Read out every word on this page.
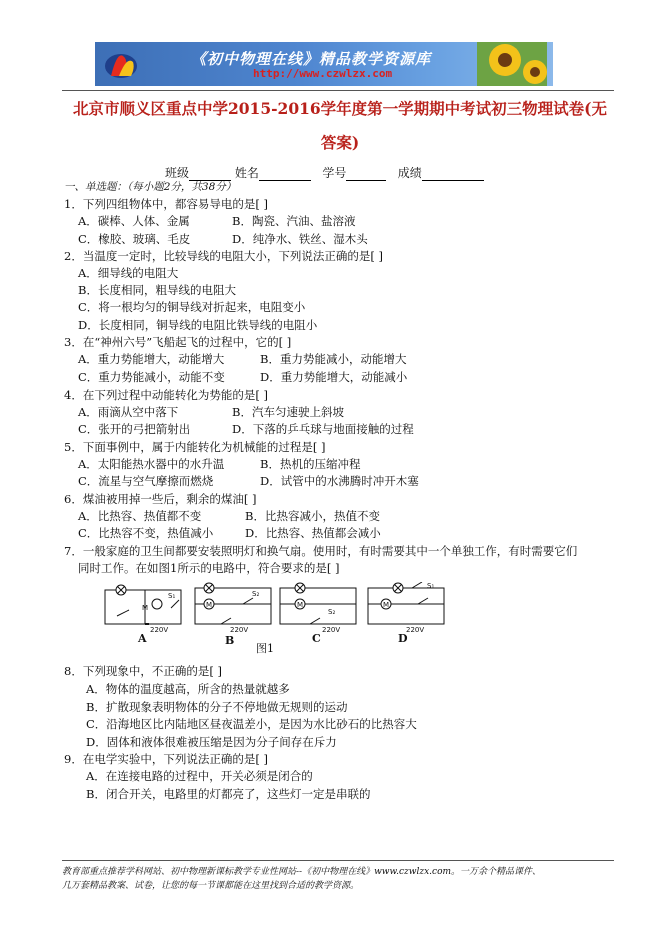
《初中物理在线》精品教学资源库
http://www.czwlzx.com
北京市顺义区重点中学2015-2016学年度第一学期期中考试初三物理试卷(无
答案)
班级	姓名	学号	成绩
一、单选题：（每小题2分，共38分）
1．下列四组物体中，都容易导电的是[ ]
A．碳棒、人体、金属	B．陶瓷、汽油、盐溶液
C．橡胶、玻璃、毛皮	D．纯净水、铁丝、湿木头
2．当温度一定时，比较导线的电阻大小，下列说法正确的是[ ]
A．细导线的电阻大
B．长度相同，粗导线的电阻大
C．将一根均匀的铜导线对折起来，电阻变小
D．长度相同，铜导线的电阻比铁导线的电阻小
3．在“神州六号”飞船起飞的过程中，它的[ ]
A．重力势能增大，动能增大	B．重力势能减小，动能增大
C．重力势能减小，动能不变	D．重力势能增大，动能减小
4．在下列过程中动能转化为势能的是[ ]
A．雨滴从空中落下	B．汽车匀速驶上斜坡
C．张开的弓把箭射出	D．下落的乒乓球与地面接触的过程
5．下面事例中，属于内能转化为机械能的过程是[ ]
A．太阳能热水器中的水升温	B．热机的压缩冲程
C．流星与空气摩擦而燃烧	D．试管中的水沸腾时冲开木塞
6．煤油被用掉一些后，剩余的煤油[ ]
A．比热容、热值都不变	B．比热容减小，热值不变
C．比热容不变，热值减小	D．比热容、热值都会减小
7．一般家庭的卫生间都要安装照明灯和换气扇。使用时，有时需要其中一个单独工作，有时需要它们
同时工作。在如图1所示的电路中，符合要求的是[ ]
M	M	M	M
S₁	S₂
S₂
S₁
220V	220V	220V	220V
A	B	C	D
图1
8．下列现象中，不正确的是[ ]
A．物体的温度越高，所含的热量就越多
B．扩散现象表明物体的分子不停地做无规则的运动
C．沿海地区比内陆地区昼夜温差小，是因为水比砂石的比热容大
D．固体和液体很难被压缩是因为分子间存在斥力
9．在电学实验中，下列说法正确的是[ ]
A．在连接电路的过程中，开关必须是闭合的
B．闭合开关，电路里的灯都亮了，这些灯一定是串联的
教育部重点推荐学科网站、初中物理新课标教学专业性网站--《初中物理在线》www.czwlzx.com。一万余个精品课件、
几万套精品教案、试卷，让您的每一节课都能在这里找到合适的教学资源。
